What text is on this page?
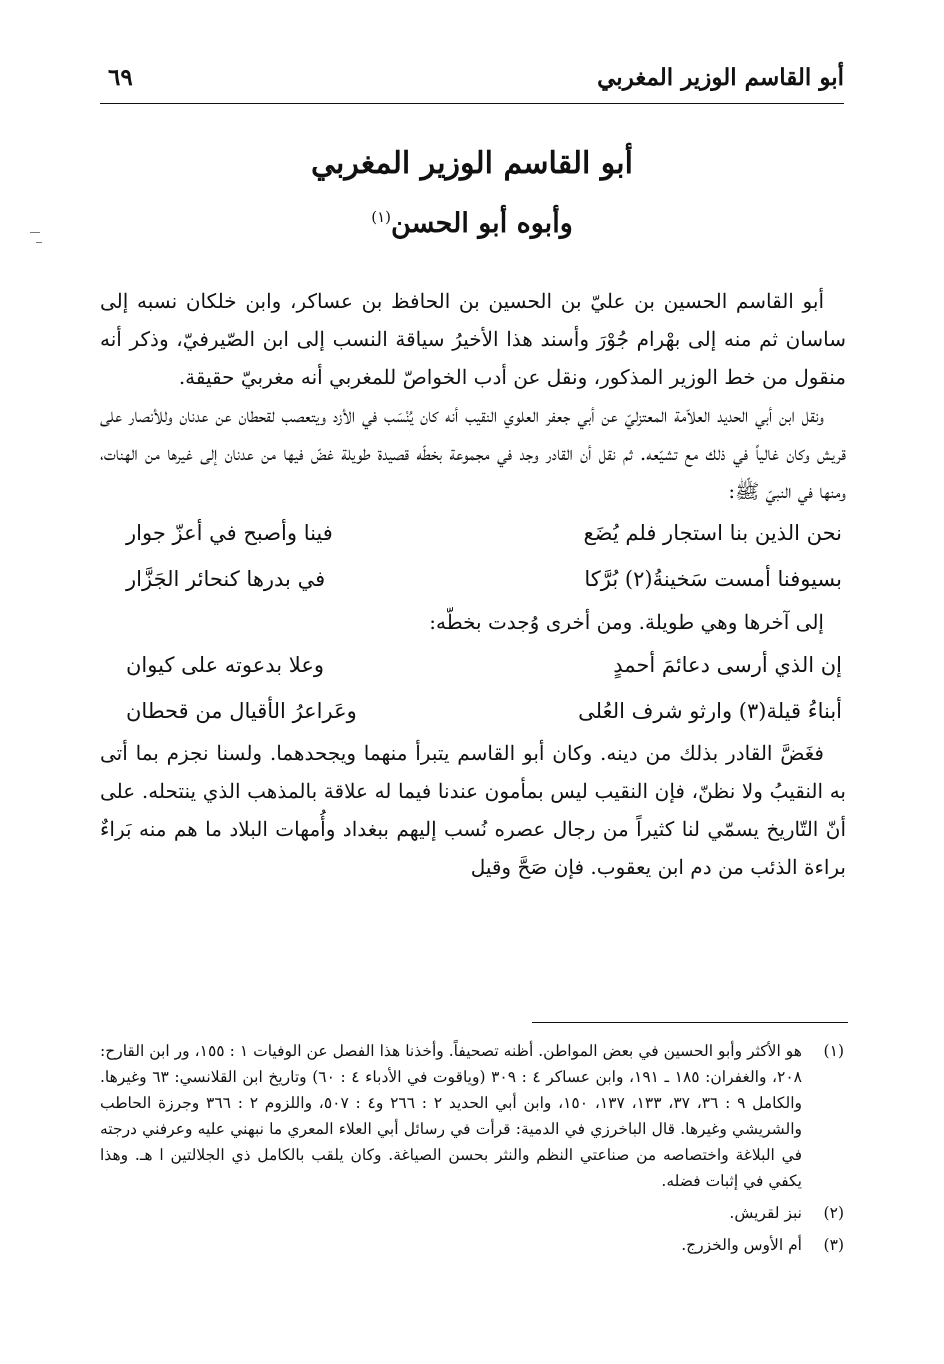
أبو القاسم الوزير المغربي
٦٩
أبو القاسم الوزير المغربي
وأبوه أبو الحسن$^{(١)}$

أبو القاسم الحسين بن عليّ بن الحسين بن الحافظ بن عساكر، وابن خلكان نسبه إلى ساسان ثم منه إلى بهْرام جُوْرَ وأسند هذا الأخيرُ سياقة النسب إلى ابن الصّيرفيّ، وذكر أنه منقول من خط الوزير المذكور، ونقل عن أدب الخواصّ للمغربي أنه مغربيّ حقيقة.

ونقل ابن أبي الحديد العلاّمة المعتزليّ عن أبي جعفر العلوي النقيب أنه كان يُنْسَب في الأزد ويتعصب لقحطان عن عدنان وللأنصار على قريش وكان غالياً في ذلك مع تشيّعه. ثم نقل أن القادر وجد في مجموعة بخطّه قصيدة طويلة غضّ فيها من عدنان إلى غيرها من الهنات، ومنها في النبيّ ﷺ:

نحن الذين بنا استجار فلم يُضَع
فينا وأصبح في أعزّ جوار
بسيوفنا أمست سَخينةُ(٢) بُرَّكا
في بدرها كنحائر الجَزَّار

إلى آخرها وهي طويلة. ومن أخرى وُجدت بخطّه:

إن الذي أرسى دعائمَ أحمدٍ
وعلا بدعوته على كيوان
أبناءُ قيلة(٣) وارثو شرف العُلى
وعَراعرُ الأقيال من قحطان

فغَضَّ القادر بذلك من دينه. وكان أبو القاسم يتبرأ منهما ويجحدهما. ولسنا نجزم بما أتى به النقيبُ ولا نظنّ، فإن النقيب ليس بمأمون عندنا فيما له علاقة بالمذهب الذي ينتحله. على أنّ التّاريخ يسمّي لنا كثيراً من رجال عصره نُسب إليهم ببغداد وأُمهات البلاد ما هم منه بَراءٌ براءة الذئب من دم ابن يعقوب. فإن صَحَّ وقيل

(١)
هو الأكثر وأبو الحسين في بعض المواطن. أظنه تصحيفاً. وأخذنا هذا الفصل عن الوفيات ١ : ١٥٥، ور ابن القارح: ٢٠٨، والغفران: ١٨٥ ـ ١٩١، وابن عساكر ٤ : ٣٠٩ (وياقوت في الأدباء ٤ : ٦٠) وتاريخ ابن القلانسي: ٦٣ وغيرها. والكامل ٩ : ٣٦، ٣٧، ١٣٣، ١٣٧، ١٥٠، وابن أبي الحديد ٢ : ٢٦٦ و٤ : ٥٠٧، واللزوم ٢ : ٣٦٦ وجرزة الحاطب والشريشي وغيرها. قال الباخرزي في الدمية: قرأت في رسائل أبي العلاء المعري ما نبهني عليه وعرفني درجته في البلاغة واختصاصه من صناعتي النظم والنثر بحسن الصياغة. وكان يلقب بالكامل ذي الجلالتين ا هـ. وهذا يكفي في إثبات فضله.
(٢)
نبز لقريش.
(٣)
أم الأوس والخزرج.
